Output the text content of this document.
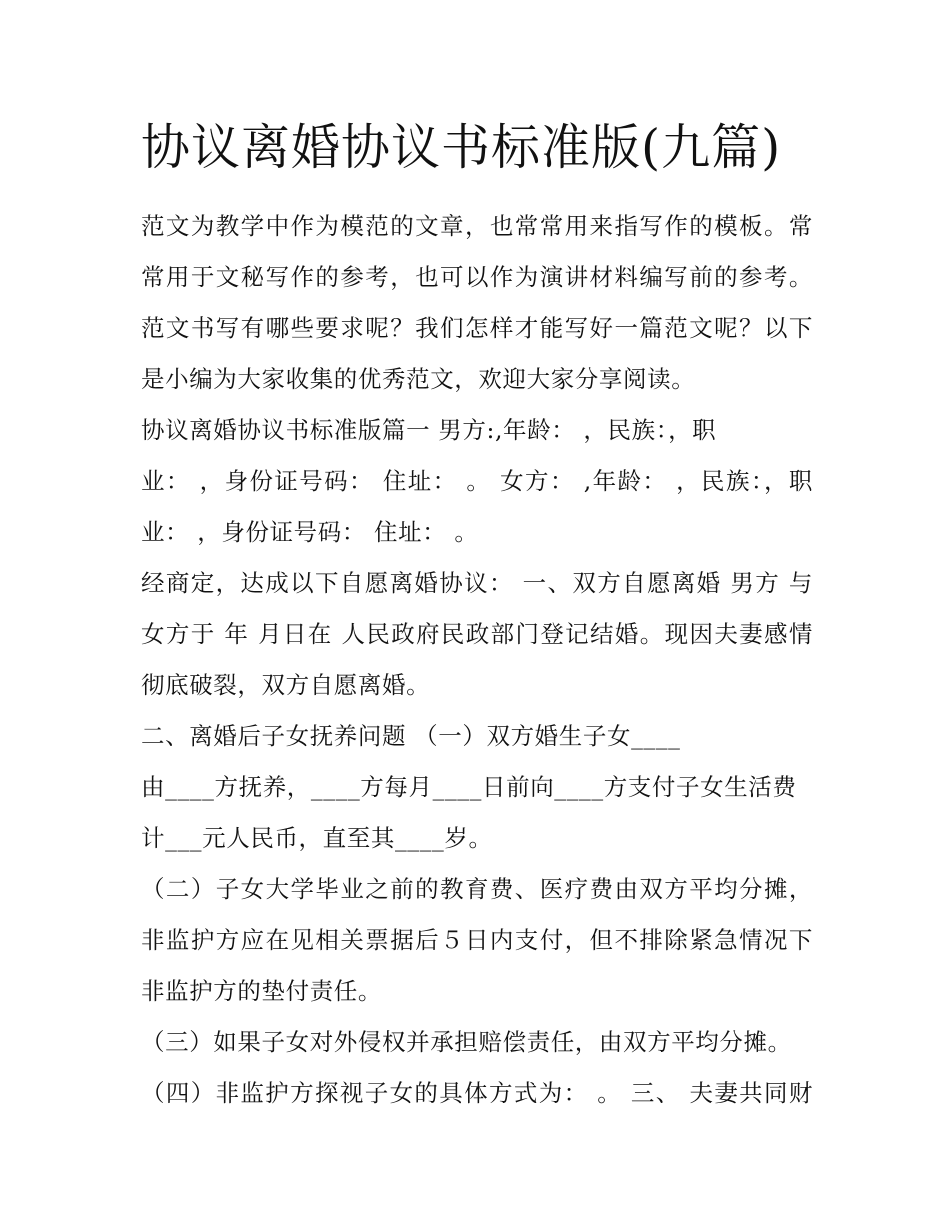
协议离婚协议书标准版(九篇)

范文为教学中作为模范的文章，也常常用来指写作的模板。常
常用于文秘写作的参考，也可以作为演讲材料编写前的参考。
范文书写有哪些要求呢？我们怎样才能写好一篇范文呢？以下
是小编为大家收集的优秀范文，欢迎大家分享阅读。

协议离婚协议书标准版篇一 男方:,年龄： ，民族：，职
业： ，身份证号码： 住址： 。 女方： ,年龄： ，民族：，职
业： ，身份证号码： 住址： 。

经商定，达成以下自愿离婚协议： 一、双方自愿离婚 男方 与
女方于 年 月日在 人民政府民政部门登记结婚。现因夫妻感情
彻底破裂，双方自愿离婚。

二、离婚后子女抚养问题 （一）双方婚生子女____
由____方抚养，____方每月____日前向____方支付子女生活费
计___元人民币，直至其____岁。

（二）子女大学毕业之前的教育费、医疗费由双方平均分摊，
非监护方应在见相关票据后５日内支付，但不排除紧急情况下
非监护方的垫付责任。

（三）如果子女对外侵权并承担赔偿责任，由双方平均分摊。

（四）非监护方探视子女的具体方式为： 。 三、 夫妻共同财
